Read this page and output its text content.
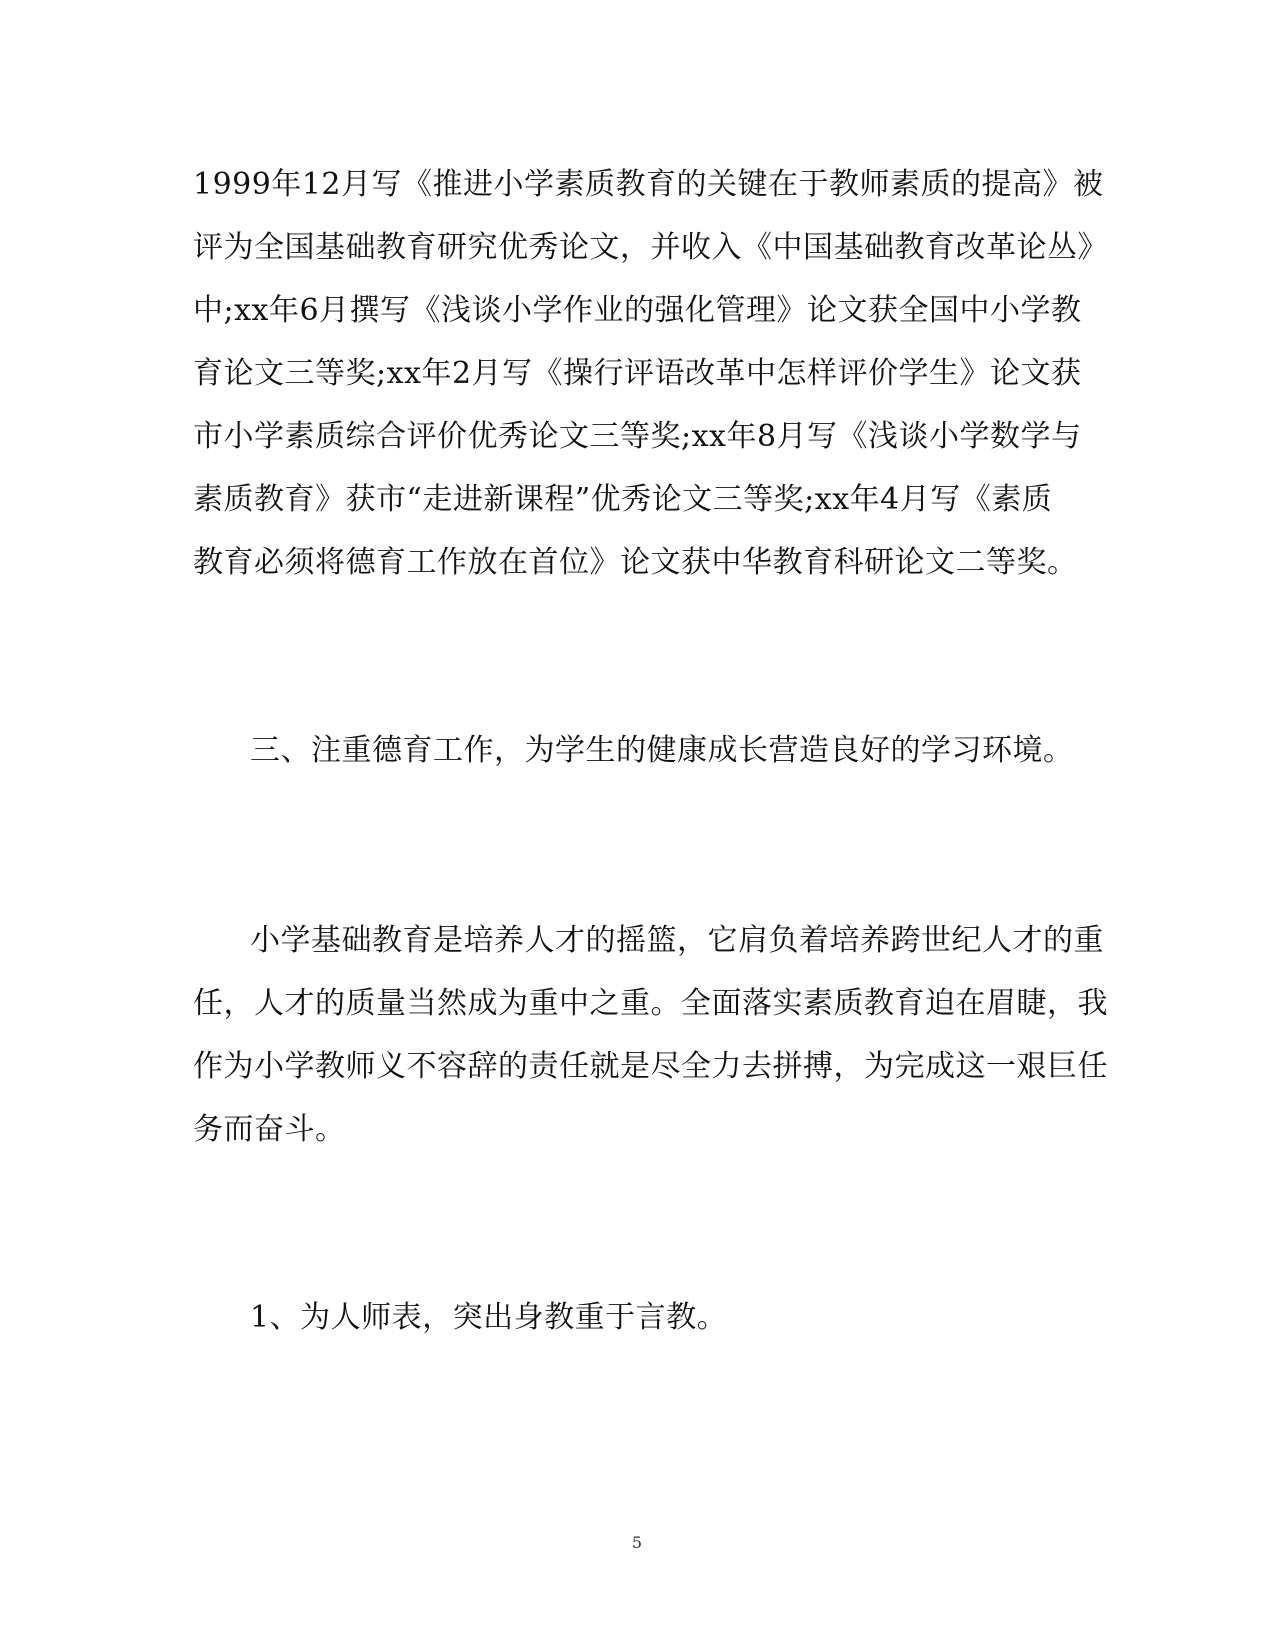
1999年12月写《推进小学素质教育的关键在于教师素质的提高》被
评为全国基础教育研究优秀论文，并收入《中国基础教育改革论丛》
中;xx年6月撰写《浅谈小学作业的强化管理》论文获全国中小学教
育论文三等奖;xx年2月写《操行评语改革中怎样评价学生》论文获
市小学素质综合评价优秀论文三等奖;xx年8月写《浅谈小学数学与
素质教育》获市“走进新课程”优秀论文三等奖;xx年4月写《素质
教育必须将德育工作放在首位》论文获中华教育科研论文二等奖。
三、注重德育工作，为学生的健康成长营造良好的学习环境。
小学基础教育是培养人才的摇篮，它肩负着培养跨世纪人才的重
任，人才的质量当然成为重中之重。全面落实素质教育迫在眉睫，我
作为小学教师义不容辞的责任就是尽全力去拼搏，为完成这一艰巨任
务而奋斗。
1、为人师表，突出身教重于言教。
5
